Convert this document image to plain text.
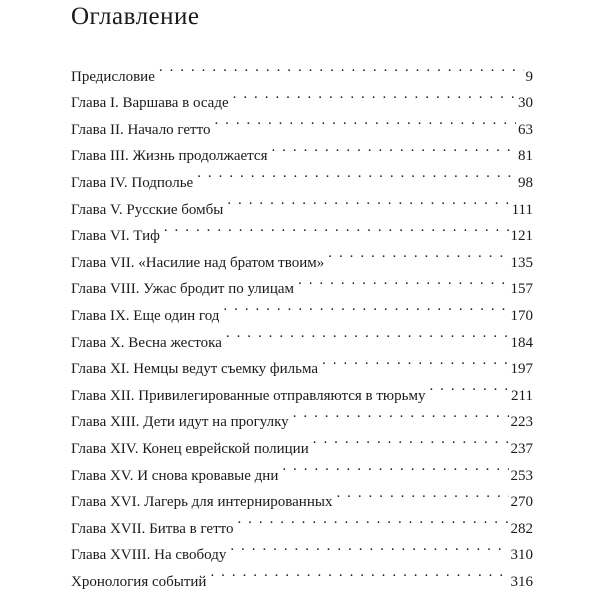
Оглавление
Предисловие . . .	9
Глава I. Варшава в осаде . . .	30
Глава II. Начало гетто . . .	63
Глава III. Жизнь продолжается . . .	81
Глава IV. Подполье . . .	98
Глава V. Русские бомбы . . .	111
Глава VI. Тиф . . .	121
Глава VII. «Насилие над братом твоим» . . .	135
Глава VIII. Ужас бродит по улицам . . .	157
Глава IX. Еще один год . . .	170
Глава X. Весна жестока . . .	184
Глава XI. Немцы ведут съемку фильма . . .	197
Глава XII. Привилегированные отправляются в тюрьму . . .	211
Глава XIII. Дети идут на прогулку . . .	223
Глава XIV. Конец еврейской полиции . . .	237
Глава XV. И снова кровавые дни . . .	253
Глава XVI. Лагерь для интернированных . . .	270
Глава XVII. Битва в гетто . . .	282
Глава XVIII. На свободу . . .	310
Хронология событий . . .	316
